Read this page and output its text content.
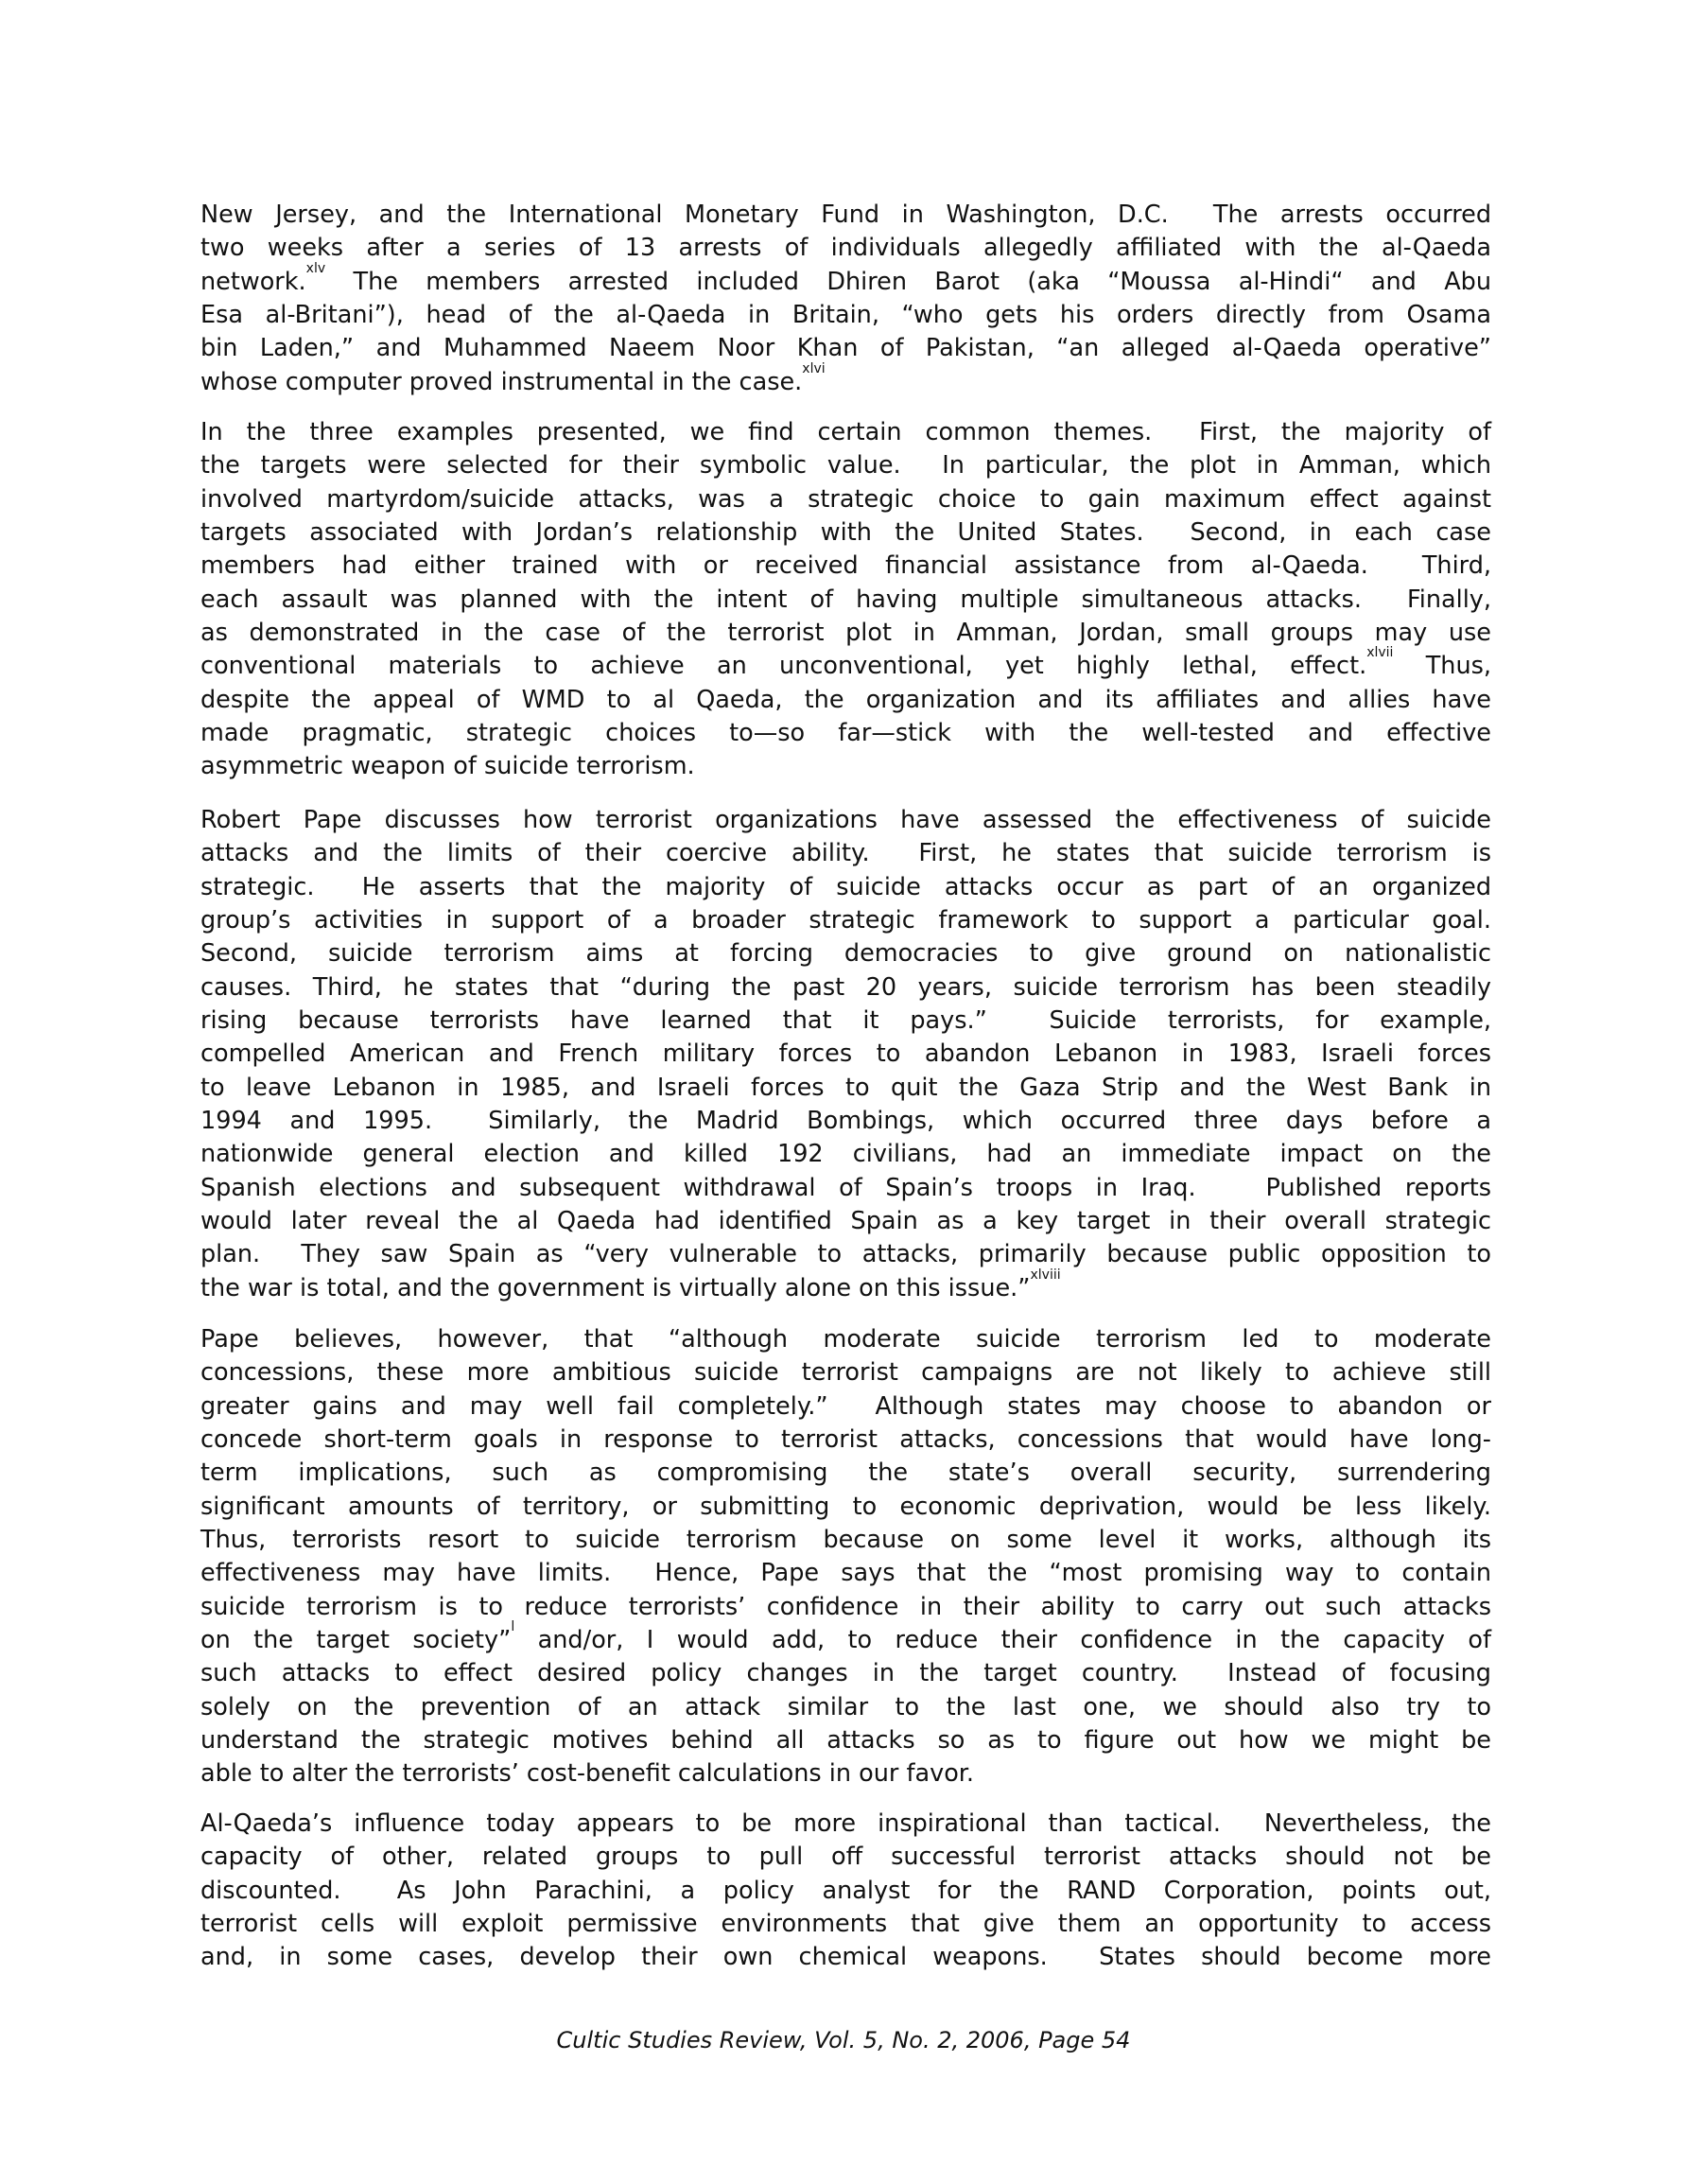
New Jersey, and the International Monetary Fund in Washington, D.C.  The arrests occurred
two weeks after a series of 13 arrests of individuals allegedly affiliated with the al-Qaeda
network.$^{xlv}$ The members arrested included Dhiren Barot (aka “Moussa al-Hindi“ and Abu
Esa al-Britani”), head of the al-Qaeda in Britain, “who gets his orders directly from Osama
bin Laden,” and Muhammed Naeem Noor Khan of Pakistan, “an alleged al-Qaeda operative”
whose computer proved instrumental in the case.$^{xlvi}$
In the three examples presented, we find certain common themes.  First, the majority of
the targets were selected for their symbolic value.  In particular, the plot in Amman, which
involved martyrdom/suicide attacks, was a strategic choice to gain maximum effect against
targets associated with Jordan’s relationship with the United States.  Second, in each case
members had either trained with or received financial assistance from al-Qaeda.  Third,
each assault was planned with the intent of having multiple simultaneous attacks.  Finally,
as demonstrated in the case of the terrorist plot in Amman, Jordan, small groups may use
conventional materials to achieve an unconventional, yet highly lethal, effect.$^{xlvii}$ Thus,
despite the appeal of WMD to al Qaeda, the organization and its affiliates and allies have
made pragmatic, strategic choices to—so far—stick with the well-tested and effective
asymmetric weapon of suicide terrorism.
Robert Pape discusses how terrorist organizations have assessed the effectiveness of suicide
attacks and the limits of their coercive ability.  First, he states that suicide terrorism is
strategic.  He asserts that the majority of suicide attacks occur as part of an organized
group’s activities in support of a broader strategic framework to support a particular goal.
Second, suicide terrorism aims at forcing democracies to give ground on nationalistic
causes. Third, he states that “during the past 20 years, suicide terrorism has been steadily
rising because terrorists have learned that it pays.”  Suicide terrorists, for example,
compelled American and French military forces to abandon Lebanon in 1983, Israeli forces
to leave Lebanon in 1985, and Israeli forces to quit the Gaza Strip and the West Bank in
1994 and 1995.  Similarly, the Madrid Bombings, which occurred three days before a
nationwide general election and killed 192 civilians, had an immediate impact on the
Spanish elections and subsequent withdrawal of Spain’s troops in Iraq.   Published reports
would later reveal the al Qaeda had identified Spain as a key target in their overall strategic
plan.  They saw Spain as “very vulnerable to attacks, primarily because public opposition to
the war is total, and the government is virtually alone on this issue.”$^{xlviii}$
Pape believes, however, that “although moderate suicide terrorism led to moderate
concessions, these more ambitious suicide terrorist campaigns are not likely to achieve still
greater gains and may well fail completely.”  Although states may choose to abandon or
concede short-term goals in response to terrorist attacks, concessions that would have long-
term implications, such as compromising the state’s overall security, surrendering
significant amounts of territory, or submitting to economic deprivation, would be less likely.
Thus, terrorists resort to suicide terrorism because on some level it works, although its
effectiveness may have limits.  Hence, Pape says that the “most promising way to contain
suicide terrorism is to reduce terrorists’ confidence in their ability to carry out such attacks
on the target society”$^l$ and/or, I would add, to reduce their confidence in the capacity of
such attacks to effect desired policy changes in the target country.  Instead of focusing
solely on the prevention of an attack similar to the last one, we should also try to
understand the strategic motives behind all attacks so as to figure out how we might be
able to alter the terrorists’ cost-benefit calculations in our favor.
Al-Qaeda’s influence today appears to be more inspirational than tactical.  Nevertheless, the
capacity of other, related groups to pull off successful terrorist attacks should not be
discounted.  As John Parachini, a policy analyst for the RAND Corporation, points out,
terrorist cells will exploit permissive environments that give them an opportunity to access
and, in some cases, develop their own chemical weapons.  States should become more
Cultic Studies Review, Vol. 5, No. 2, 2006, Page 54
